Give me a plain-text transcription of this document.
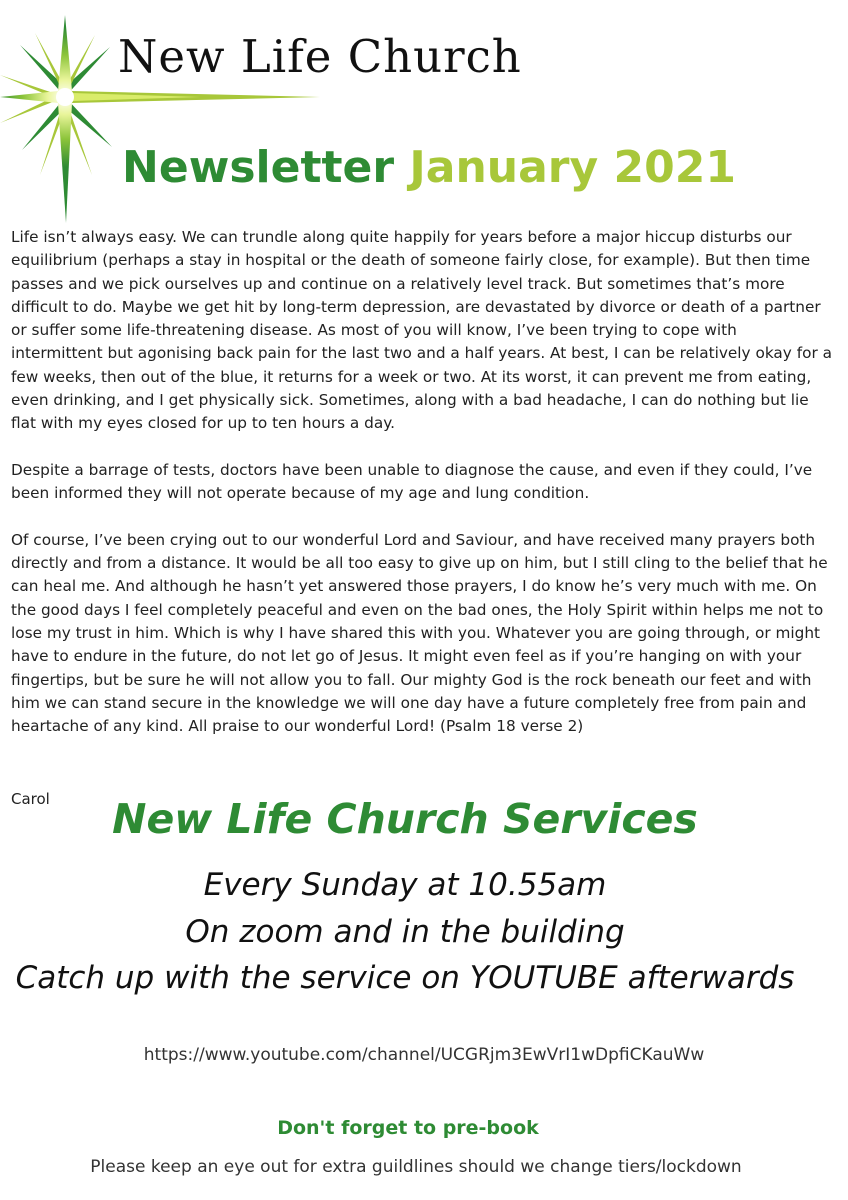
New Life Church
Newsletter January 2021

Life isn’t always easy. We can trundle along quite happily for years before a major hiccup disturbs our equilibrium (perhaps a stay in hospital or the death of someone fairly close, for example). But then time passes and we pick ourselves up and continue on a relatively level track. But sometimes that’s more difficult to do. Maybe we get hit by long-term depression, are devastated by divorce or death of a partner or suffer some life-threatening disease. As most of you will know, I’ve been trying to cope with intermittent but agonising back pain for the last two and a half years. At best, I can be relatively okay for a few weeks, then out of the blue, it returns for a week or two. At its worst, it can prevent me from eating, even drinking, and I get physically sick. Sometimes, along with a bad headache, I can do nothing but lie flat with my eyes closed for up to ten hours a day.

Despite a barrage of tests, doctors have been unable to diagnose the cause, and even if they could, I’ve been informed they will not operate because of my age and lung condition.

Of course, I’ve been crying out to our wonderful Lord and Saviour, and have received many prayers both directly and from a distance. It would be all too easy to give up on him, but I still cling to the belief that he can heal me. And although he hasn’t yet answered those prayers, I do know he’s very much with me. On the good days I feel completely peaceful and even on the bad ones, the Holy Spirit within helps me not to lose my trust in him. Which is why I have shared this with you. Whatever you are going through, or might have to endure in the future, do not let go of Jesus. It might even feel as if you’re hanging on with your fingertips, but be sure he will not allow you to fall. Our mighty God is the rock beneath our feet and with him we can stand secure in the knowledge we will one day have a future completely free from pain and heartache of any kind. All praise to our wonderful Lord! (Psalm 18 verse 2)

Carol	New Life Church Services
Every Sunday at 10.55am
On zoom and in the building
Catch up with the service on YOUTUBE afterwards
https://www.youtube.com/channel/UCGRjm3EwVrI1wDpfiCKauWw
Don't forget to pre-book
Please keep an eye out for extra guildlines should we change tiers/lockdown
